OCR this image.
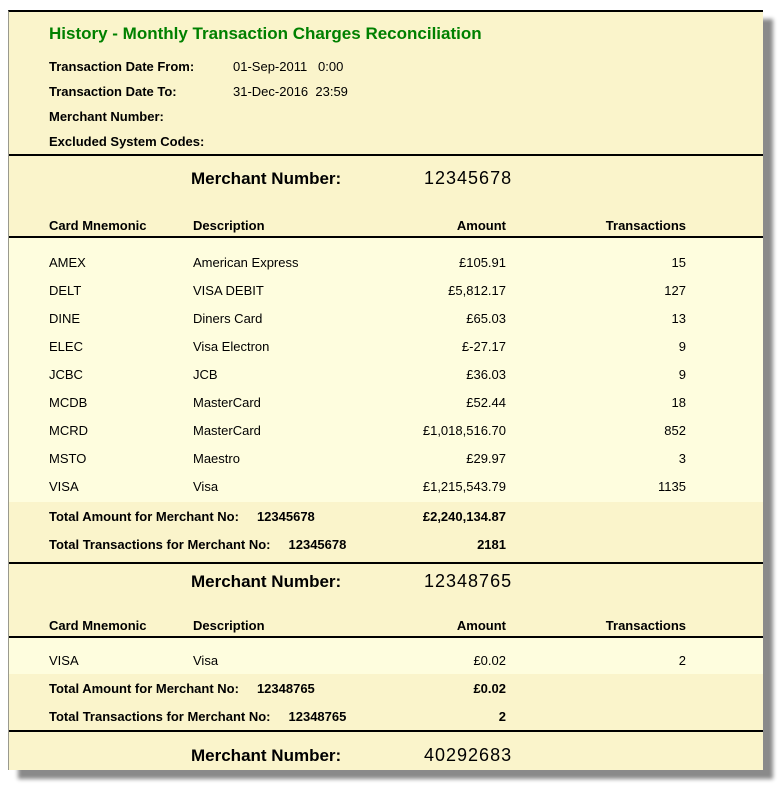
History - Monthly Transaction Charges Reconciliation
Transaction Date From:	01-Sep-2011   0:00
Transaction Date To:	31-Dec-2016  23:59
Merchant Number:
Excluded System Codes:
Merchant Number:	12345678
Card Mnemonic	Description	Amount	Transactions
AMEX	American Express	£105.91	15
DELT	VISA DEBIT	£5,812.17	127
DINE	Diners Card	£65.03	13
ELEC	Visa Electron	£-27.17	9
JCBC	JCB	£36.03	9
MCDB	MasterCard	£52.44	18
MCRD	MasterCard	£1,018,516.70	852
MSTO	Maestro	£29.97	3
VISA	Visa	£1,215,543.79	1135
Total Amount for Merchant No: 12345678	£2,240,134.87
Total Transactions for Merchant No: 12345678	2181
Merchant Number:	12348765
Card Mnemonic	Description	Amount	Transactions
VISA	Visa	£0.02	2
Total Amount for Merchant No: 12348765	£0.02
Total Transactions for Merchant No: 12348765	2
Merchant Number:	40292683
